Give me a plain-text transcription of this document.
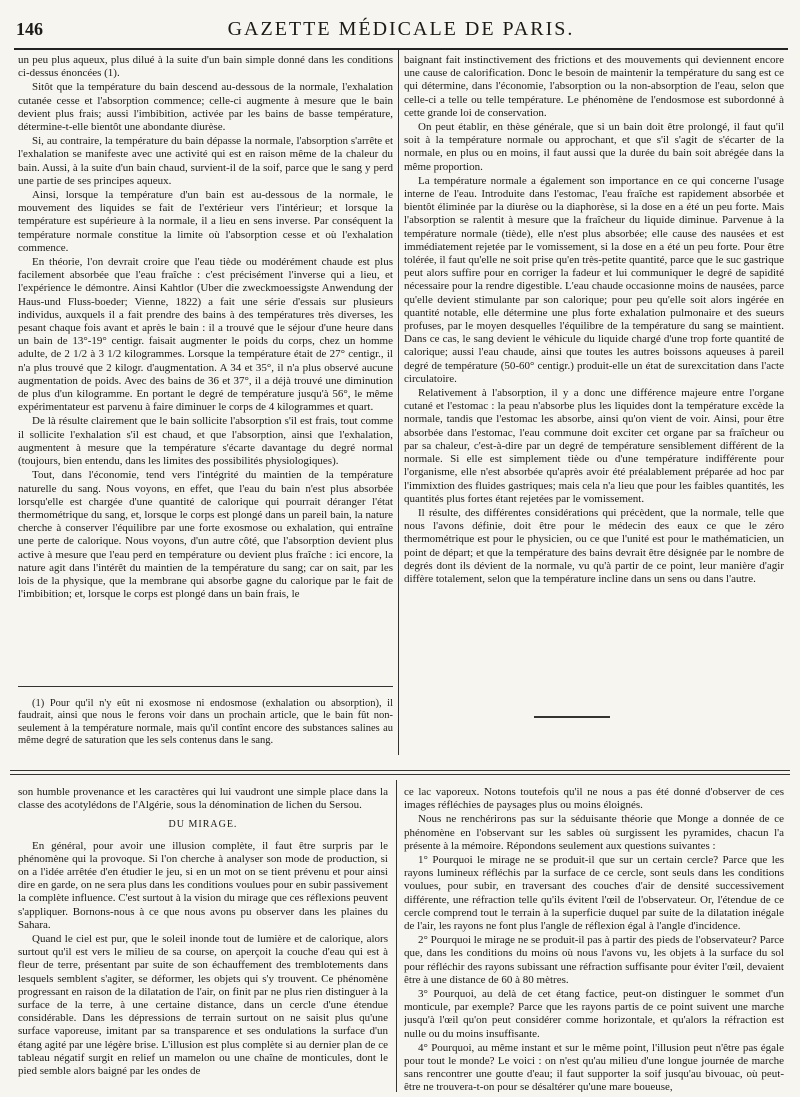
146	GAZETTE MÉDICALE DE PARIS.

un peu plus aqueux, plus dilué à la suite d'un bain simple donné dans les conditions ci-dessus énoncées (1).

Sitôt que la température du bain descend au-dessous de la normale, l'exhalation cutanée cesse et l'absorption commence; celle-ci augmente à mesure que le bain devient plus frais; aussi l'imbibition, activée par les bains de basse température, détermine-t-elle bientôt une abondante diurèse.

Si, au contraire, la température du bain dépasse la normale, l'absorption s'arrête et l'exhalation se manifeste avec une activité qui est en raison même de la chaleur du bain. Aussi, à la suite d'un bain chaud, survient-il de la soif, parce que le sang y perd une partie de ses principes aqueux.

Ainsi, lorsque la température d'un bain est au-dessous de la normale, le mouvement des liquides se fait de l'extérieur vers l'intérieur; et lorsque la température est supérieure à la normale, il a lieu en sens inverse. Par conséquent la température normale constitue la limite où l'absorption cesse et où l'exhalation commence.

En théorie, l'on devrait croire que l'eau tiède ou modérément chaude est plus facilement absorbée que l'eau fraîche : c'est précisément l'inverse qui a lieu, et l'expérience le démontre. Ainsi Kahtlor (Uber die zweckmoessigste Anwendung der Haus-und Fluss-boeder; Vienne, 1822) a fait une série d'essais sur plusieurs individus, auxquels il a fait prendre des bains à des températures très diverses, les pesant chaque fois avant et après le bain : il a trouvé que le séjour d'une heure dans un bain de 13°-19° centigr. faisait augmenter le poids du corps, chez un homme adulte, de 2 1/2 à 3 1/2 kilogrammes. Lorsque la température était de 27° centigr., il n'a plus trouvé que 2 kilogr. d'augmentation. A 34 et 35°, il n'a plus observé aucune augmentation de poids. Avec des bains de 36 et 37°, il a déjà trouvé une diminution de plus d'un kilogramme. En portant le degré de température jusqu'à 56°, le même expérimentateur est parvenu à faire diminuer le corps de 4 kilogrammes et quart.

De là résulte clairement que le bain sollicite l'absorption s'il est frais, tout comme il sollicite l'exhalation s'il est chaud, et que l'absorption, ainsi que l'exhalation, augmentent à mesure que la température s'écarte davantage du degré normal (toujours, bien entendu, dans les limites des possibilités physiologiques).

Tout, dans l'économie, tend vers l'intégrité du maintien de la température naturelle du sang. Nous voyons, en effet, que l'eau du bain n'est plus absorbée lorsqu'elle est chargée d'une quantité de calorique qui pourrait déranger l'état thermométrique du sang, et, lorsque le corps est plongé dans un pareil bain, la nature cherche à conserver l'équilibre par une forte exosmose ou exhalation, qui entraîne une perte de calorique. Nous voyons, d'un autre côté, que l'absorption devient plus active à mesure que l'eau perd en température ou devient plus fraîche : ici encore, la nature agit dans l'intérêt du maintien de la température du sang; car on sait, par les lois de la physique, que la membrane qui absorbe gagne du calorique par le fait de l'imbibition; et, lorsque le corps est plongé dans un bain frais, le

(1) Pour qu'il n'y eût ni exosmose ni endosmose (exhalation ou absorption), il faudrait, ainsi que nous le ferons voir dans un prochain article, que le bain fût non-seulement à la température normale, mais qu'il contînt encore des substances salines au même degré de saturation que les sels contenus dans le sang.

baignant fait instinctivement des frictions et des mouvements qui deviennent encore une cause de calorification. Donc le besoin de maintenir la température du sang est ce qui détermine, dans l'économie, l'absorption ou la non-absorption de l'eau, selon que celle-ci a telle ou telle température. Le phénomène de l'endosmose est subordonné à cette grande loi de conservation.

On peut établir, en thèse générale, que si un bain doit être prolongé, il faut qu'il soit à la température normale ou approchant, et que s'il s'agit de s'écarter de la normale, en plus ou en moins, il faut aussi que la durée du bain soit abrégée dans la même proportion.

La température normale a également son importance en ce qui concerne l'usage interne de l'eau. Introduite dans l'estomac, l'eau fraîche est rapidement absorbée et bientôt éliminée par la diurèse ou la diaphorèse, si la dose en a été un peu forte. Mais l'absorption se ralentit à mesure que la fraîcheur du liquide diminue. Parvenue à la température normale (tiède), elle n'est plus absorbée; elle cause des nausées et est immédiatement rejetée par le vomissement, si la dose en a été un peu forte. Pour être tolérée, il faut qu'elle ne soit prise qu'en très-petite quantité, parce que le suc gastrique peut alors suffire pour en corriger la fadeur et lui communiquer le degré de sapidité nécessaire pour la rendre digestible. L'eau chaude occasionne moins de nausées, parce qu'elle devient stimulante par son calorique; pour peu qu'elle soit alors ingérée en quantité notable, elle détermine une plus forte exhalation pulmonaire et des sueurs profuses, par le moyen desquelles l'équilibre de la température du sang se maintient. Dans ce cas, le sang devient le véhicule du liquide chargé d'une trop forte quantité de calorique; aussi l'eau chaude, ainsi que toutes les autres boissons aqueuses à pareil degré de température (50-60° centigr.) produit-elle un état de surexcitation dans l'acte circulatoire.

Relativement à l'absorption, il y a donc une différence majeure entre l'organe cutané et l'estomac : la peau n'absorbe plus les liquides dont la température excède la normale, tandis que l'estomac les absorbe, ainsi qu'on vient de voir. Ainsi, pour être absorbée dans l'estomac, l'eau commune doit exciter cet organe par sa fraîcheur ou par sa chaleur, c'est-à-dire par un degré de température sensiblement différent de la normale. Si elle est simplement tiède ou d'une température indifférente pour l'organisme, elle n'est absorbée qu'après avoir été préalablement préparée ad hoc par l'immixtion des fluides gastriques; mais cela n'a lieu que pour les faibles quantités, les quantités plus fortes étant rejetées par le vomissement.

Il résulte, des différentes considérations qui précèdent, que la normale, telle que nous l'avons définie, doit être pour le médecin des eaux ce que le zéro thermométrique est pour le physicien, ou ce que l'unité est pour le mathématicien, un point de départ; et que la température des bains devrait être désignée par le nombre de degrés dont ils dévient de la normale, vu qu'à partir de ce point, leur manière d'agir diffère totalement, selon que la température incline dans un sens ou dans l'autre.

son humble provenance et les caractères qui lui vaudront une simple place dans la classe des acotylédons de l'Algérie, sous la dénomination de lichen du Sersou.

DU MIRAGE.

En général, pour avoir une illusion complète, il faut être surpris par le phénomène qui la provoque. Si l'on cherche à analyser son mode de production, si on a l'idée arrêtée d'en étudier le jeu, si en un mot on se tient prévenu et pour ainsi dire en garde, on ne sera plus dans les conditions voulues pour en subir passivement la complète influence. C'est surtout à la vision du mirage que ces réflexions peuvent s'appliquer. Bornons-nous à ce que nous avons pu observer dans les plaines du Sahara.

Quand le ciel est pur, que le soleil inonde tout de lumière et de calorique, alors surtout qu'il est vers le milieu de sa course, on aperçoit la couche d'eau qui est à fleur de terre, présentant par suite de son échauffement des tremblotements dans lesquels semblent s'agiter, se déformer, les objets qui s'y trouvent. Ce phénomène progressant en raison de la dilatation de l'air, on finit par ne plus rien distinguer à la surface de la terre, à une certaine distance, dans un cercle d'une étendue considérable. Dans les dépressions de terrain surtout on ne saisit plus qu'une surface vaporeuse, imitant par sa transparence et ses ondulations la surface d'un étang agité par une légère brise. L'illusion est plus complète si au dernier plan de ce tableau négatif surgit en relief un mamelon ou une chaîne de monticules, dont le pied semble alors baigné par les ondes de

ce lac vaporeux. Notons toutefois qu'il ne nous a pas été donné d'observer de ces images réfléchies de paysages plus ou moins éloignés.

Nous ne renchérirons pas sur la séduisante théorie que Monge a donnée de ce phénomène en l'observant sur les sables où surgissent les pyramides, chacun l'a présente à la mémoire. Répondons seulement aux questions suivantes :

1° Pourquoi le mirage ne se produit-il que sur un certain cercle? Parce que les rayons lumineux réfléchis par la surface de ce cercle, sont seuls dans les conditions voulues, pour subir, en traversant des couches d'air de densité successivement différente, une réfraction telle qu'ils évitent l'œil de l'observateur. Or, l'étendue de ce cercle comprend tout le terrain à la superficie duquel par suite de la dilatation inégale de l'air, les rayons ne font plus l'angle de réflexion égal à l'angle d'incidence.

2° Pourquoi le mirage ne se produit-il pas à partir des pieds de l'observateur? Parce que, dans les conditions du moins où nous l'avons vu, les objets à la surface du sol pour réfléchir des rayons subissant une réfraction suffisante pour éviter l'œil, devaient être à une distance de 60 à 80 mètres.

3° Pourquoi, au delà de cet étang factice, peut-on distinguer le sommet d'un monticule, par exemple? Parce que les rayons partis de ce point suivent une marche jusqu'à l'œil qu'on peut considérer comme horizontale, et qu'alors la réfraction est nulle ou du moins insuffisante.

4° Pourquoi, au même instant et sur le même point, l'illusion peut n'être pas égale pour tout le monde? Le voici : on n'est qu'au milieu d'une longue journée de marche sans rencontrer une goutte d'eau; il faut supporter la soif jusqu'au bivouac, où peut-être ne trouvera-t-on pour se désaltérer qu'une mare boueuse,
